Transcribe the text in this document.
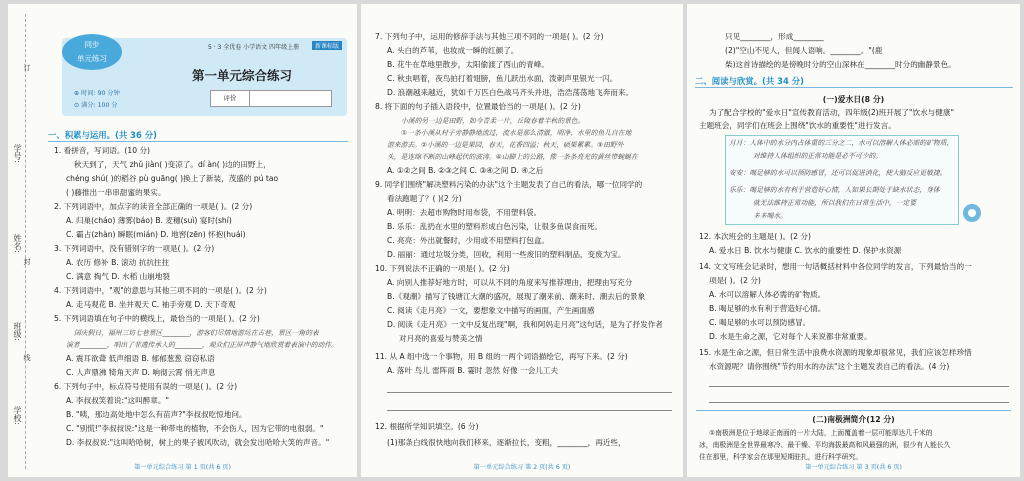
学号:
姓名:
封
班级:
线
学校:
订
同步
单元练习
5 · 3 全优卷 小学语文 四年级上册	新课标版
第一单元综合练习
⊕ 时间: 90 分钟
⊙ 满分: 100 分
评价
一、积累与运用。(共 36 分)
1. 看拼音，写词语。(10 分)
秋天到了，天气 zhǔ jiàn( )变凉了。dí àn( )边的田野上，
chéng shú( )的稻谷 pù guāng( )换上了新装，茂盛的 pú tao
( )藤推出一串串甜蜜的果实。
2. 下列词语中，加点字的读音全部正确的一项是( )。(2 分)
A. 归巢(cháo) 薄雾(báo) B. 麦穗(suì) 宴时(shí)
C. 霸占(zhàn) 瞬眠(mián) D. 地窖(zēn) 怀抱(huái)
3. 下列词语中，没有错别字的一项是( )。(2 分)
A. 农历 修补 B. 滚动 抗抗拄拄
C. 满意 掏气 D. 水稻 山崩地裂
4. 下列词语中，"观"的意思与其他三项不同的一项是( )。(2 分)
A. 走马观花 B. 坐井观天 C. 袖手旁观 D. 天下奇观
5. 下列词语填在句子中的横线上，最恰当的一项是( )。(2 分)
国庆假日，福州三坊七巷景区________，游客们尽情地游玩在古巷，景区一角的表
演者________，唱出了非遗传承人的________，观众们正屏声静气地欣赏着表演中的动作。
A. 震耳欲聋 低声细语 B. 郁郁葱葱 窃窃私语
C. 人声鼎沸 犄角天声 D. 响彻云霄 悄无声息
6. 下列句子中，标点符号使用有误的一项是( )。(2 分)
A. 李叔叔笑着说:"这叫醉章。"
B. "咦，那边高处地中怎么有苗声?"李叔叔吃惊地问。
C. "别慌!"李叔叔说:"这是一种带电的植物，不会伤人，因为它带的电很弱。"
D. 李叔叔说:"这叫哈哈树，树上的果子被风吹动，就会发出哈哈大笑的声音。"
第一单元综合练习 第 1 页(共 6 页)
7. 下列句子中，运用的修辞手法与其他三项不同的一项是( )。(2 分)
A. 头白的芦苇，也妆成一瞬的红颜了。
B. 花牛在草地里散步，太阳偷渡了西山的青峰。
C. 秋虫唱着，夜鸟拍打着翅膀，鱼儿跃出水面，泼刺声里银光一闪。
D. 浪潮越来越近，犹如千万匹白色战马齐头并进，浩浩荡荡地飞奔而来。
8. 将下面的句子插入语段中，位置最恰当的一项是( )。(2 分)
小溪的另一边是田野，如今青柔一片，丘陵春着半秋的景色。
①一条小溪从村子旁静静地流过，流水是那么清澈，明净，水里的鱼儿自在地
游来游去。②小溪的一边是果园，春天，花香四溢；秋天，硕果累累。③田野外
头，是连绵不断的山峰起伏的波涛。④山脚上的公路，像一条条亮光的黄丝带蜿蜒在
A. ①②之间 B. ②③之间 C. ③④之间 D. ④之后
9. 同学们围绕"解决塑料污染的办法"这个主题发表了自己的看法，哪一位同学的
看法跑题了？( )(2 分)
A. 明明：去超市购物时用布袋，不用塑料袋。
B. 乐乐：乱扔在水里的塑料形成白色污染，让很多鱼误食而死。
C. 亮亮：外出就餐时，少用或不用塑料打包盒。
D. 丽丽：通过垃圾分类，回收，利用一些废旧的塑料制品，变废为宝。
10. 下列说法不正确的一项是( )。(2 分)
A. 向别人推荐好地方时，可以从不同的角度来写推荐理由，把理由写充分
B.《观潮》描写了钱塘江大潮的盛况，展现了潮来前、潮来时、潮去后的景象
C. 阅读《走月亮》一文，要想象文中描写的画面，产生画面感
D. 阅读《走月亮》一文中反复出现"啊，我和阿妈走月亮"这句话，是为了抒发作者
对月亮的喜爱与赞美之情
11. 从 A 组中选一个事物，用 B 组的一两个词语描绘它，再写下来。(2 分)
A. 落叶 鸟儿 雷阵雨 B. 霎时 忽然 好像 一会儿工夫
12. 根据所学知识填空。(6 分)
(1)那条白线很快地向我们移来，逐渐拉长，变粗，________，再近些，
第一单元综合练习 第 2 页(共 6 页)
只见________，形成________
(2)"空山不见人，但闻人语响。________。"(鹿
柴)这首诗描绘的是傍晚时分的空山深林在________时分的幽静景色。
二、阅读与欣赏。(共 34 分)
(一)爱水日(8 分)
为了配合学校的"爱水日"宣传教育活动，四年级(2)班开展了"饮水与健康"
主题班会，同学们在班会上围绕"饮水的重要性"进行发言。
月月：人体中的水分内占体重的三分之二，水可以溶解人体必需的矿物质，
对维持人体组织的正常功能是必不可少的。
安安：喝足够的水可以预防感冒，还可以促进消化，使大脑反应更敏捷。
乐乐：喝足够的水有利于营造好心情，人如果长期处于缺水状态，身体
就无法维持正常功能，所以我们在日常生活中，一定要
多多喝水。
12. 本次班会的主题是( )。(2 分)
A. 爱水日 B. 饮水与健康 C. 饮水的重要性 D. 保护水资源
14. 文文写班会记录时，想用一句话概括材料中各位同学的发言，下列最恰当的一
项是( )。(2 分)
A. 水可以溶解人体必需的矿物质。
B. 喝足够的水有利于营造好心情。
C. 喝足够的水可以预防感冒。
D. 水是生命之源，它对每个人来说都非常重要。
15. 水是生命之源，但日常生活中浪费水资源的现象却很常见，我们应该怎样珍惜
水资源呢？请你围绕"节约用水的办法"这个主题发表自己的看法。(4 分)
(二)南极洲简介(12 分)
①南极洲是位于地球正南面的一片大陆，上面覆盖着一层可能厚达几千米的
冰，南极洲是全世界最寒冷、最干燥、平均海拔最高和风最强的洲，很少有人能长久
住在那里，科学家会在那里短期驻扎，进行科学研究。
第一单元综合练习 第 3 页(共 6 页)
